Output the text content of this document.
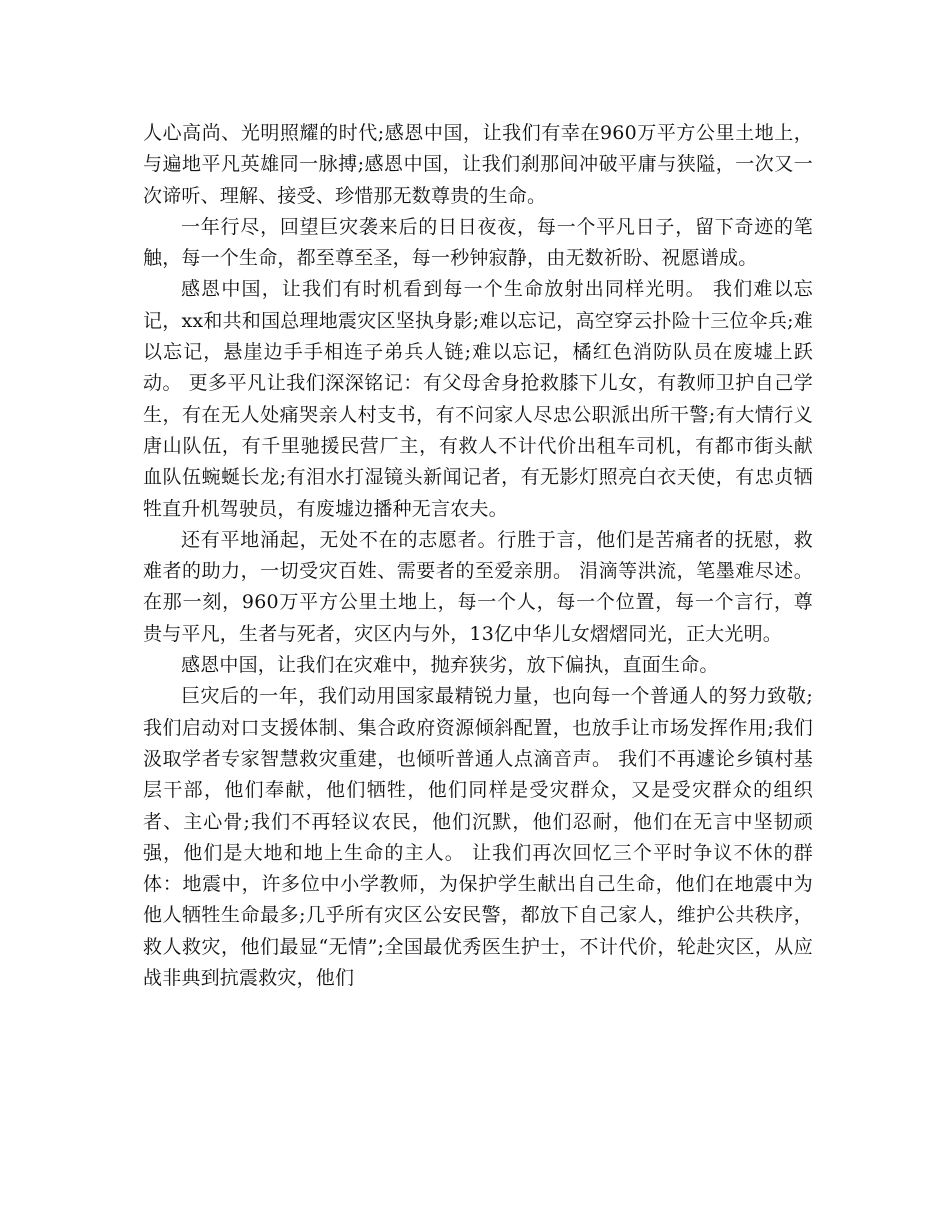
人心高尚、光明照耀的时代;感恩中国，让我们有幸在960万平方公里土地上，与遍地平凡英雄同一脉搏;感恩中国，让我们刹那间冲破平庸与狭隘，一次又一次谛听、理解、接受、珍惜那无数尊贵的生命。

一年行尽，回望巨灾袭来后的日日夜夜，每一个平凡日子，留下奇迹的笔触，每一个生命，都至尊至圣，每一秒钟寂静，由无数祈盼、祝愿谱成。

感恩中国，让我们有时机看到每一个生命放射出同样光明。 我们难以忘记，xx和共和国总理地震灾区坚执身影;难以忘记，高空穿云扑险十三位伞兵;难以忘记，悬崖边手手相连子弟兵人链;难以忘记，橘红色消防队员在废墟上跃动。 更多平凡让我们深深铭记：有父母舍身抢救膝下儿女，有教师卫护自己学生，有在无人处痛哭亲人村支书，有不问家人尽忠公职派出所干警;有大情行义唐山队伍，有千里驰援民营厂主，有救人不计代价出租车司机，有都市街头献血队伍蜿蜒长龙;有泪水打湿镜头新闻记者，有无影灯照亮白衣天使，有忠贞牺牲直升机驾驶员，有废墟边播种无言农夫。

还有平地涌起，无处不在的志愿者。行胜于言，他们是苦痛者的抚慰，救难者的助力，一切受灾百姓、需要者的至爱亲朋。 涓滴等洪流，笔墨难尽述。在那一刻，960万平方公里土地上，每一个人，每一个位置，每一个言行，尊贵与平凡，生者与死者，灾区内与外，13亿中华儿女熠熠同光，正大光明。

感恩中国，让我们在灾难中，抛弃狭劣，放下偏执，直面生命。

巨灾后的一年，我们动用国家最精锐力量，也向每一个普通人的努力致敬;我们启动对口支援体制、集合政府资源倾斜配置，也放手让市场发挥作用;我们汲取学者专家智慧救灾重建，也倾听普通人点滴音声。 我们不再遽论乡镇村基层干部，他们奉献，他们牺牲，他们同样是受灾群众，又是受灾群众的组织者、主心骨;我们不再轻议农民，他们沉默，他们忍耐，他们在无言中坚韧顽强，他们是大地和地上生命的主人。 让我们再次回忆三个平时争议不休的群体：地震中，许多位中小学教师，为保护学生献出自己生命，他们在地震中为他人牺牲生命最多;几乎所有灾区公安民警，都放下自己家人，维护公共秩序，救人救灾，他们最显“无情”;全国最优秀医生护士，不计代价，轮赴灾区，从应战非典到抗震救灾，他们
